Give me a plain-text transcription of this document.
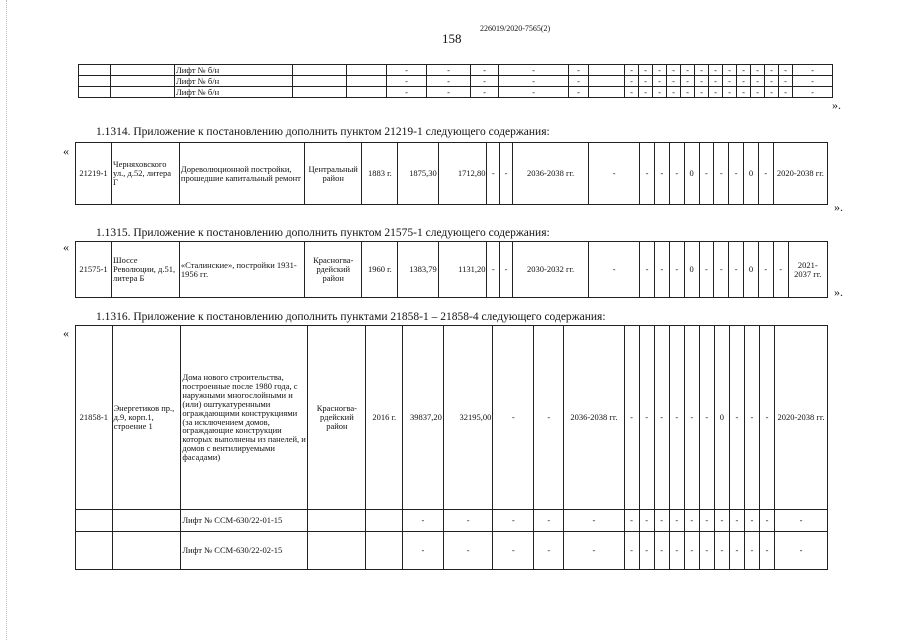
226019/2020-7565(2)
158
		Лифт № б/н			-	-	-	-	-		-	-	-	-	-	-	-	-	-	-	-	-	-
		Лифт № б/н			-	-	-	-	-		-	-	-	-	-	-	-	-	-	-	-	-	-
		Лифт № б/н			-	-	-	-	-		-	-	-	-	-	-	-	-	-	-	-	-	-
».
1.1314. Приложение к постановлению дополнить пунктом 21219-1 следующего содержания:
«
21219-1	Черняховского ул., д.52, литера Г	Дореволюционной постройки, прошедшие капитальный ремонт	Центральный район	1883 г.	1875,30	1712,80	-	-	2036-2038 гг.	-	-	-	-	0	-	-	-	0	-	2020-2038 гг.
».
1.1315. Приложение к постановлению дополнить пунктом 21575-1 следующего содержания:
«
21575-1	Шоссе Революции, д.51, литера Б	«Сталинские», постройки 1931-1956 гг.	Красногва-рдейский район	1960 г.	1383,79	1131,20	-	-	2030-2032 гг.	-	-	-	-	0	-	-	-	0	-	-	2021-2037 гг.
».
1.1316. Приложение к постановлению дополнить пунктами 21858-1 – 21858-4 следующего содержания:
«
21858-1	Энергетиков пр., д.9, корп.1, строение 1	Дома нового строительства, построенные после 1980 года, с наружными многослойными и (или) оштукатуренными ограждающими конструкциями (за исключением домов, ограждающие конструкции которых выполнены из панелей, и домов с вентилируемыми фасадами)	Красногва-рдейский район	2016 г.	39837,20	32195,00	-	-	2036-2038 гг.	-	-	-	-	-	-	0	-	-	-	2020-2038 гг.
		Лифт № ССМ-630/22-01-15			-	-	-	-	-	-	-	-	-	-	-	-	-	-	-	-
		Лифт № ССМ-630/22-02-15			-	-	-	-	-	-	-	-	-	-	-	-	-	-	-	-
